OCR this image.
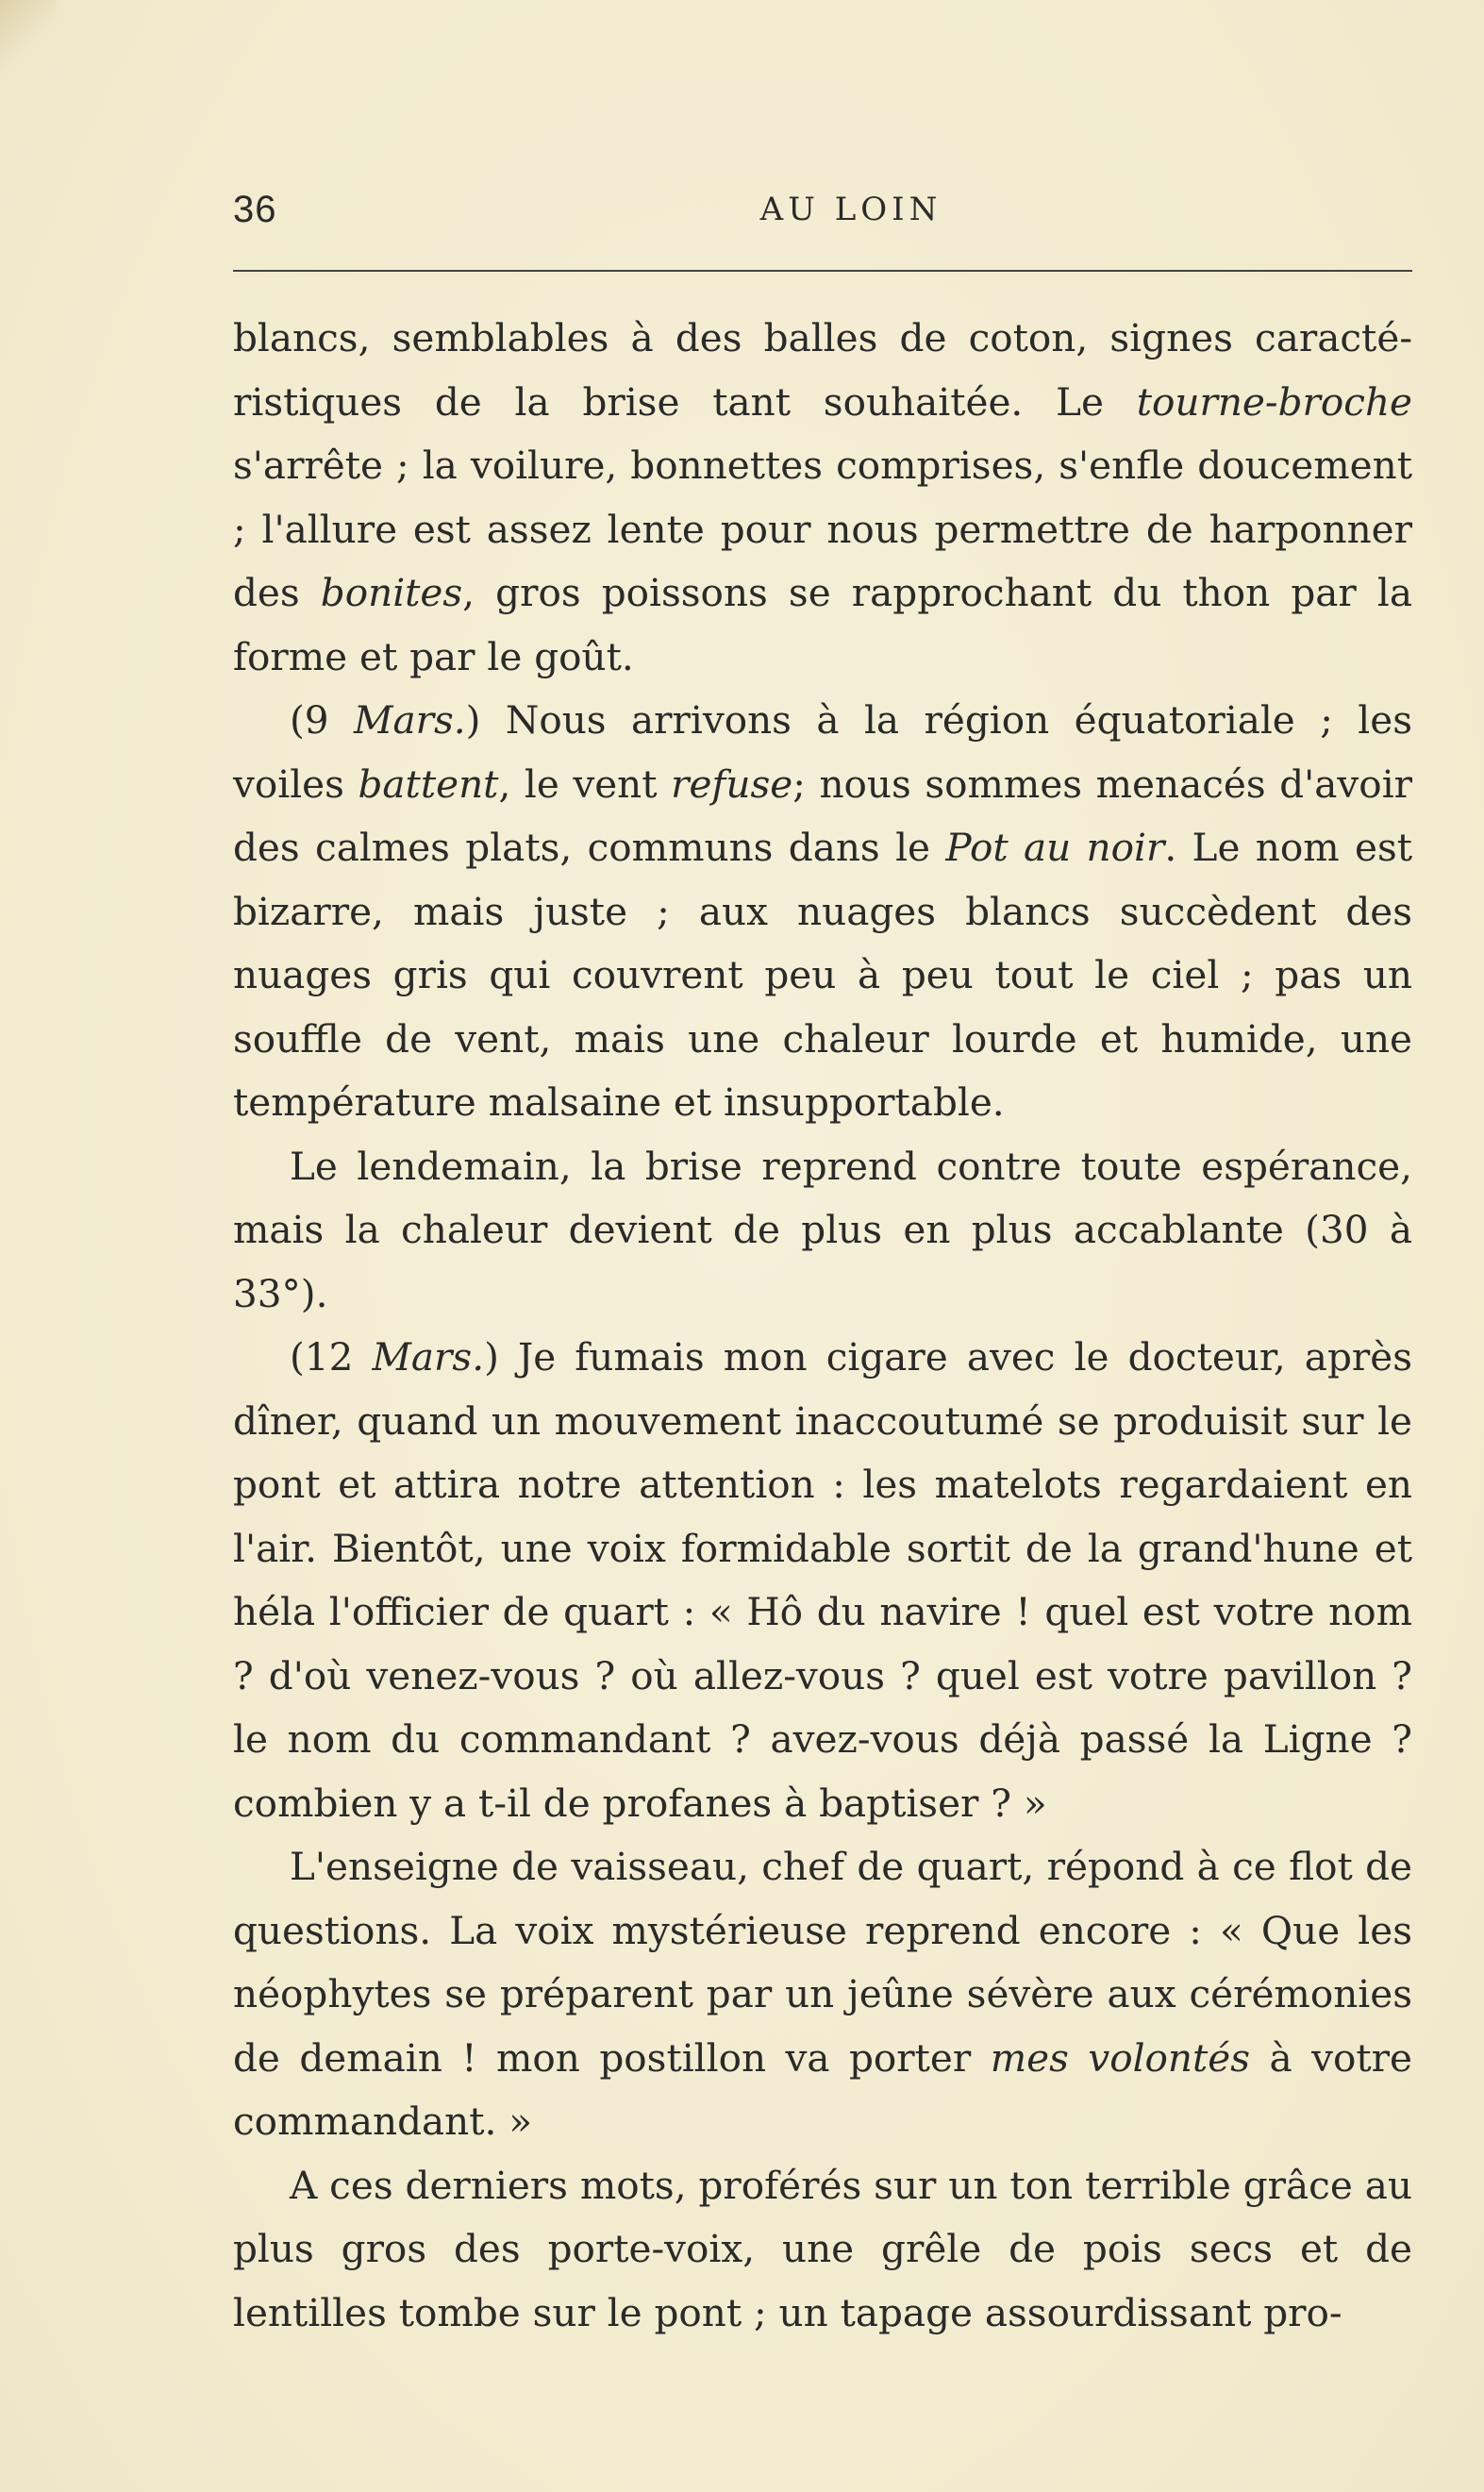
36	AU LOIN

blancs, semblables à des balles de coton, signes caractéristiques de la brise tant souhaitée. Le tourne-broche s'arrête ; la voilure, bonnettes comprises, s'enfle doucement ; l'allure est assez lente pour nous permettre de harponner des bonites, gros poissons se rapprochant du thon par la forme et par le goût.

(9 Mars.) Nous arrivons à la région équatoriale ; les voiles battent, le vent refuse; nous sommes menacés d'avoir des calmes plats, communs dans le Pot au noir. Le nom est bizarre, mais juste ; aux nuages blancs succèdent des nuages gris qui couvrent peu à peu tout le ciel ; pas un souffle de vent, mais une chaleur lourde et humide, une température malsaine et insupportable.

Le lendemain, la brise reprend contre toute espérance, mais la chaleur devient de plus en plus accablante (30 à 33°).

(12 Mars.) Je fumais mon cigare avec le docteur, après dîner, quand un mouvement inaccoutumé se produisit sur le pont et attira notre attention : les matelots regardaient en l'air. Bientôt, une voix formidable sortit de la grand'hune et héla l'officier de quart : « Hô du navire ! quel est votre nom ? d'où venez-vous ? où allez-vous ? quel est votre pavillon ? le nom du commandant ? avez-vous déjà passé la Ligne ? combien y a t-il de profanes à baptiser ? »

L'enseigne de vaisseau, chef de quart, répond à ce flot de questions. La voix mystérieuse reprend encore : « Que les néophytes se préparent par un jeûne sévère aux cérémonies de demain ! mon postillon va porter mes volontés à votre commandant. »

A ces derniers mots, proférés sur un ton terrible grâce au plus gros des porte-voix, une grêle de pois secs et de lentilles tombe sur le pont ; un tapage assourdissant pro-
